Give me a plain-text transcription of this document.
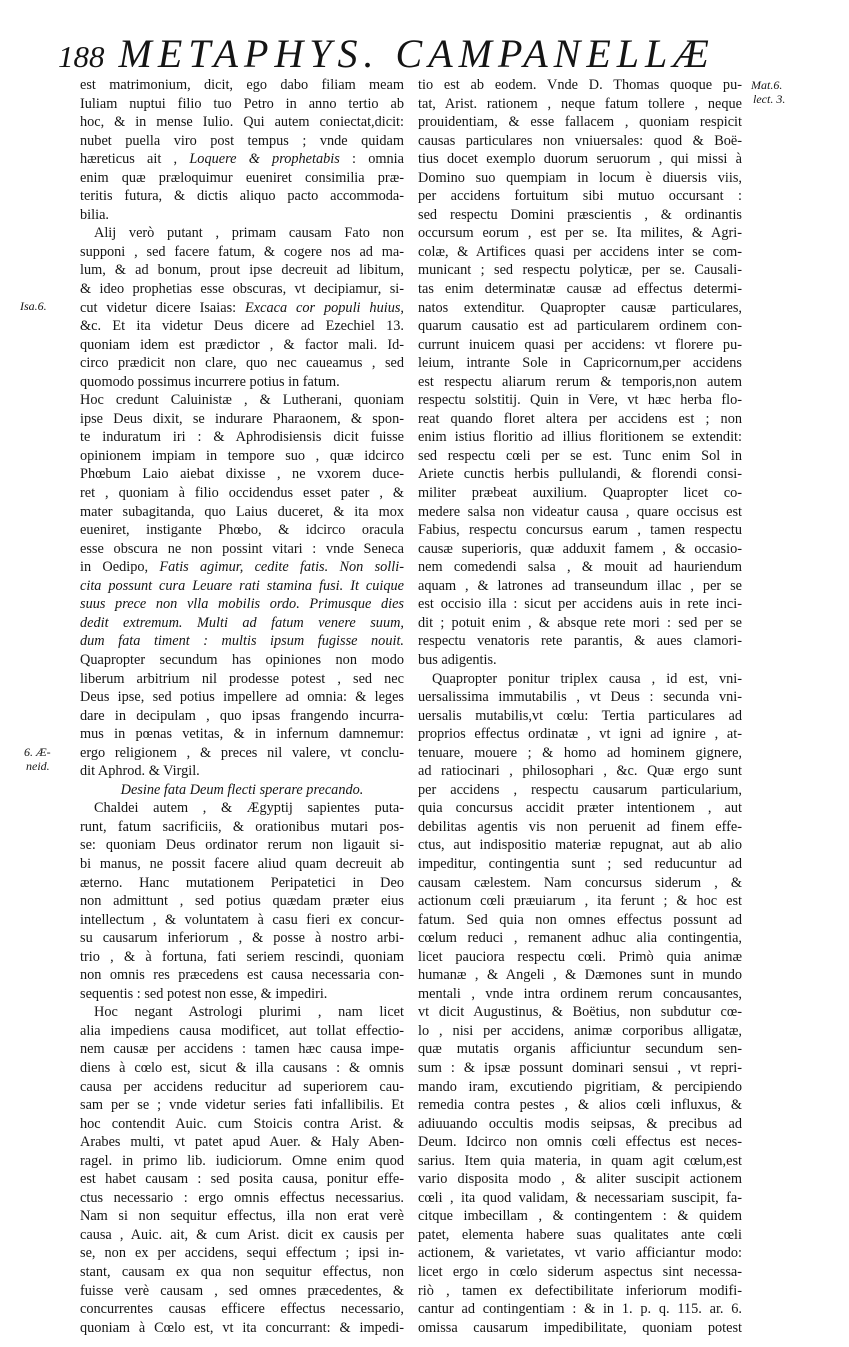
188 METAPHYS. CAMPANELLÆ
Isa.6.
6. Æ-
neid.
Mat.6.
lect. 3.
est matrimonium, dicit, ego dabo filiam meam
Iuliam nuptui filio tuo Petro in anno tertio ab
hoc, & in mense Iulio. Qui autem coniectat,dicit:
nubet puella viro post tempus ; vnde quidam
hæreticus ait , Loquere & prophetabis : omnia
enim quæ præloquimur eueniret consimilia præ-
teritis futura, & dictis aliquo pacto accommoda-
bilia.
Alij verò putant , primam causam Fato non
supponi , sed facere fatum, & cogere nos ad ma-
lum, & ad bonum, prout ipse decreuit ad libitum,
& ideo prophetias esse obscuras, vt decipiamur, si-
cut videtur dicere Isaias: Excaca cor populi huius,
&c. Et ita videtur Deus dicere ad Ezechiel 13.
quoniam idem est prædictor , & factor mali. Id-
circo prædicit non clare, quo nec caueamus , sed
quomodo possimus incurrere potius in fatum.
Hoc credunt Caluinistæ , & Lutherani, quoniam
ipse Deus dixit, se indurare Pharaonem, & spon-
te induratum iri : & Aphrodisiensis dicit fuisse
opinionem impiam in tempore suo , quæ idcirco
Phœbum Laio aiebat dixisse , ne vxorem duce-
ret , quoniam à filio occidendus esset pater , &
mater subagitanda, quo Laius duceret, & ita mox
eueniret, instigante Phœbo, & idcirco oracula
esse obscura ne non possint vitari : vnde Seneca
in Oedipo, Fatis agimur, cedite fatis. Non solli-
cita possunt cura Leuare rati stamina fusi. It cuique
suus prece non vlla mobilis ordo. Primusque dies
dedit extremum. Multi ad fatum venere suum,
dum fata timent : multis ipsum fugisse nouit.
Quapropter secundum has opiniones non modo
liberum arbitrium nil prodesse potest , sed nec
Deus ipse, sed potius impellere ad omnia: & leges
dare in decipulam , quo ipsas frangendo incurra-
mus in pœnas vetitas, & in infernum damnemur:
ergo religionem , & preces nil valere, vt conclu-
dit Aphrod. & Virgil.
Desine fata Deum flecti sperare precando.
Chaldei autem , & Ægyptij sapientes puta-
runt, fatum sacrificiis, & orationibus mutari pos-
se: quoniam Deus ordinator rerum non ligauit si-
bi manus, ne possit facere aliud quam decreuit ab
æterno. Hanc mutationem Peripatetici in Deo
non admittunt , sed potius quædam præter eius
intellectum , & voluntatem à casu fieri ex concur-
su causarum inferiorum , & posse à nostro arbi-
trio , & à fortuna, fati seriem rescindi, quoniam
non omnis res præcedens est causa necessaria con-
sequentis : sed potest non esse, & impediri.
Hoc negant Astrologi plurimi , nam licet
alia impediens causa modificet, aut tollat effectio-
nem causæ per accidens : tamen hæc causa impe-
diens à cœlo est, sicut & illa causans : & omnis
causa per accidens reducitur ad superiorem cau-
sam per se ; vnde videtur series fati infallibilis. Et
hoc contendit Auic. cum Stoicis contra Arist. &
Arabes multi, vt patet apud Auer. & Haly Aben-
ragel. in primo lib. iudiciorum. Omne enim quod
est habet causam : sed posita causa, ponitur effe-
ctus necessario : ergo omnis effectus necessarius.
Nam si non sequitur effectus, illa non erat verè
causa , Auic. ait, & cum Arist. dicit ex causis per
se, non ex per accidens, sequi effectum ; ipsi in-
stant, causam ex qua non sequitur effectus, non
fuisse verè causam , sed omnes præcedentes, &
concurrentes causas efficere effectus necessario,
quoniam à Cœlo est, vt ita concurrant: & impedi-
tio est ab eodem. Vnde D. Thomas quoque pu-
tat, Arist. rationem , neque fatum tollere , neque
prouidentiam, & esse fallacem , quoniam respicit
causas particulares non vniuersales: quod & Boë-
tius docet exemplo duorum seruorum , qui missi à
Domino suo quempiam in locum è diuersis viis,
per accidens fortuitum sibi mutuo occursant :
sed respectu Domini præscientis , & ordinantis
occursum eorum , est per se. Ita milites, & Agri-
colæ, & Artifices quasi per accidens inter se com-
municant ; sed respectu polyticæ, per se. Causali-
tas enim determinatæ causæ ad effectus determi-
natos extenditur. Quapropter causæ particulares,
quarum causatio est ad particularem ordinem con-
currunt inuicem quasi per accidens: vt florere pu-
leium, intrante Sole in Capricornum,per accidens
est respectu aliarum rerum & temporis,non autem
respectu solstitij. Quin in Vere, vt hæc herba flo-
reat quando floret altera per accidens est ; non
enim istius floritio ad illius floritionem se extendit:
sed respectu cœli per se est. Tunc enim Sol in
Ariete cunctis herbis pullulandi, & florendi consi-
militer præbeat auxilium. Quapropter licet co-
medere salsa non videatur causa , quare occisus est
Fabius, respectu concursus earum , tamen respectu
causæ superioris, quæ adduxit famem , & occasio-
nem comedendi salsa , & mouit ad hauriendum
aquam , & latrones ad transeundum illac , per se
est occisio illa : sicut per accidens auis in rete inci-
dit ; potuit enim , & absque rete mori : sed per se
respectu venatoris rete parantis, & aues clamori-
bus adigentis.
Quapropter ponitur triplex causa , id est, vni-
uersalissima immutabilis , vt Deus : secunda vni-
uersalis mutabilis,vt cœlu: Tertia particulares ad
proprios effectus ordinatæ , vt igni ad ignire , at-
tenuare, mouere ; & homo ad hominem gignere,
ad ratiocinari , philosophari , &c. Quæ ergo sunt
per accidens , respectu causarum particularium,
quia concursus accidit præter intentionem , aut
debilitas agentis vis non peruenit ad finem effe-
ctus, aut indispositio materiæ repugnat, aut ab alio
impeditur, contingentia sunt ; sed reducuntur ad
causam cælestem. Nam concursus siderum , &
actionum cœli præuiarum , ita ferunt ; & hoc est
fatum. Sed quia non omnes effectus possunt ad
cœlum reduci , remanent adhuc alia contingentia,
licet pauciora respectu cœli. Primò quia animæ
humanæ , & Angeli , & Dæmones sunt in mundo
mentali , vnde intra ordinem rerum concausantes,
vt dicit Augustinus, & Boëtius, non subdutur cœ-
lo , nisi per accidens, animæ corporibus alligatæ,
quæ mutatis organis afficiuntur secundum sen-
sum : & ipsæ possunt dominari sensui , vt repri-
mando iram, excutiendo pigritiam, & percipiendo
remedia contra pestes , & alios cœli influxus, &
adiuuando occultis modis seipsas, & precibus ad
Deum. Idcirco non omnis cœli effectus est neces-
sarius. Item quia materia, in quam agit cœlum,est
vario disposita modo , & aliter suscipit actionem
cœli , ita quod validam, & necessariam suscipit, fa-
citque imbecillam , & contingentem : & quidem
patet, elementa habere suas qualitates ante cœli
actionem, & varietates, vt vario afficiantur modo:
licet ergo in cœlo siderum aspectus sint necessa-
riò , tamen ex defectibilitate inferiorum modifi-
cantur ad contingentiam : & in 1. p. q. 115. ar. 6.
omissa causarum impedibilitate, quoniam potest
